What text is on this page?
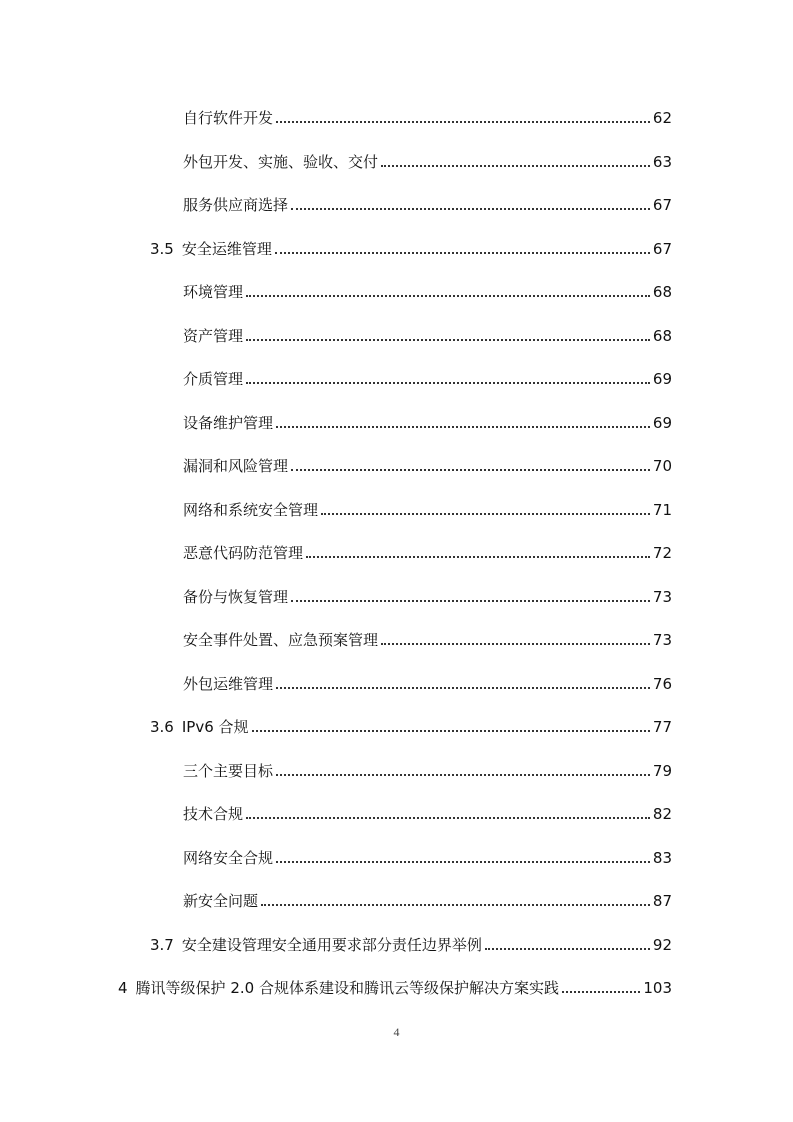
自行软件开发	62
外包开发、实施、验收、交付	63
服务供应商选择	67
3.5 安全运维管理	67
环境管理	68
资产管理	68
介质管理	69
设备维护管理	69
漏洞和风险管理	70
网络和系统安全管理	71
恶意代码防范管理	72
备份与恢复管理	73
安全事件处置、应急预案管理	73
外包运维管理	76
3.6 IPv6 合规	77
三个主要目标	79
技术合规	82
网络安全合规	83
新安全问题	87
3.7 安全建设管理安全通用要求部分责任边界举例	92
4 腾讯等级保护 2.0 合规体系建设和腾讯云等级保护解决方案实践	103
4
